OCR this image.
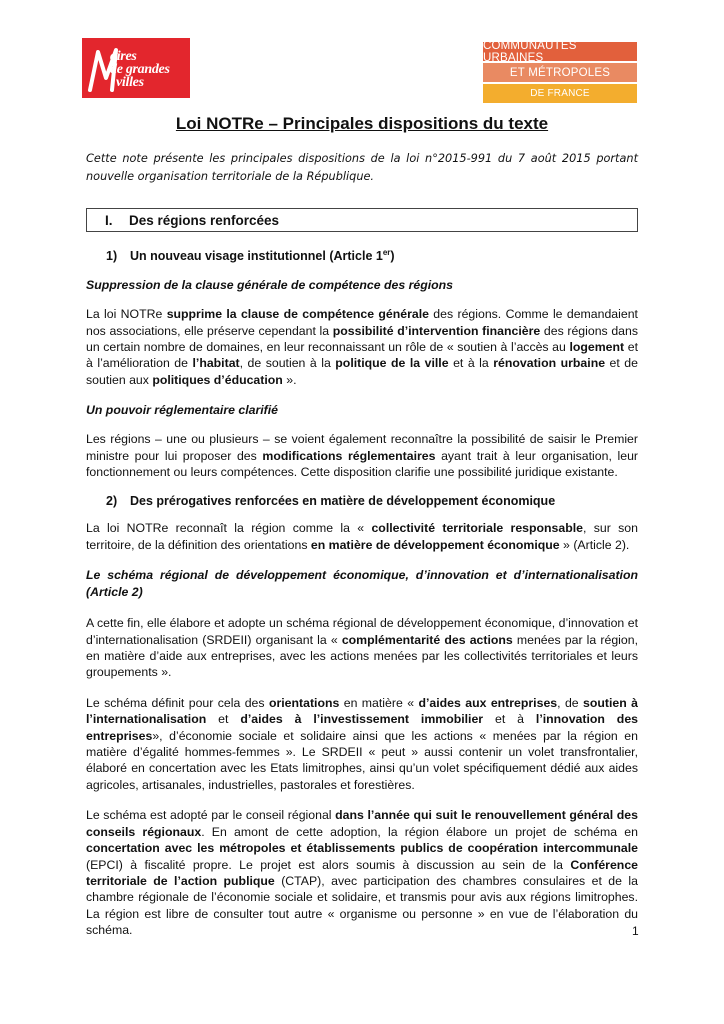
aires
de grandes
villes
COMMUNAUTÉS URBAINES
ET MÉTROPOLES
DE FRANCE
Loi NOTRe – Principales dispositions du texte

Cette note présente les principales dispositions de la loi n°2015-991 du 7 août 2015 portant nouvelle organisation territoriale de la République.

I.	Des régions renforcées
1) Un nouveau visage institutionnel (Article 1er)

Suppression de la clause générale de compétence des régions

La loi NOTRe supprime la clause de compétence générale des régions. Comme le demandaient nos associations, elle préserve cependant la possibilité d’intervention financière des régions dans un certain nombre de domaines, en leur reconnaissant un rôle de « soutien à l’accès au logement et à l’amélioration de l’habitat, de soutien à la politique de la ville et à la rénovation urbaine et de soutien aux politiques d’éducation ».

Un pouvoir réglementaire clarifié

Les régions – une ou plusieurs – se voient également reconnaître la possibilité de saisir le Premier ministre pour lui proposer des modifications réglementaires ayant trait à leur organisation, leur fonctionnement ou leurs compétences. Cette disposition clarifie une possibilité juridique existante.

2) Des prérogatives renforcées en matière de développement économique

La loi NOTRe reconnaît la région comme la « collectivité territoriale responsable, sur son territoire, de la définition des orientations en matière de développement économique » (Article 2).

Le schéma régional de développement économique, d’innovation et d’internationalisation (Article 2)

A cette fin, elle élabore et adopte un schéma régional de développement économique, d’innovation et d’internationalisation (SRDEII) organisant la « complémentarité des actions menées par la région, en matière d’aide aux entreprises, avec les actions menées par les collectivités territoriales et leurs groupements ».

Le schéma définit pour cela des orientations en matière « d’aides aux entreprises, de soutien à l’internationalisation et d’aides à l’investissement immobilier et à l’innovation des entreprises», d’économie sociale et solidaire ainsi que les actions « menées par la région en matière d’égalité hommes-femmes ». Le SRDEII « peut » aussi contenir un volet transfrontalier, élaboré en concertation avec les Etats limitrophes, ainsi qu’un volet spécifiquement dédié aux aides agricoles, artisanales, industrielles, pastorales et forestières.

Le schéma est adopté par le conseil régional dans l’année qui suit le renouvellement général des conseils régionaux. En amont de cette adoption, la région élabore un projet de schéma en concertation avec les métropoles et établissements publics de coopération intercommunale (EPCI) à fiscalité propre. Le projet est alors soumis à discussion au sein de la Conférence territoriale de l’action publique (CTAP), avec participation des chambres consulaires et de la chambre régionale de l’économie sociale et solidaire, et transmis pour avis aux régions limitrophes. La région est libre de consulter tout autre « organisme ou personne » en vue de l’élaboration du schéma.	1
